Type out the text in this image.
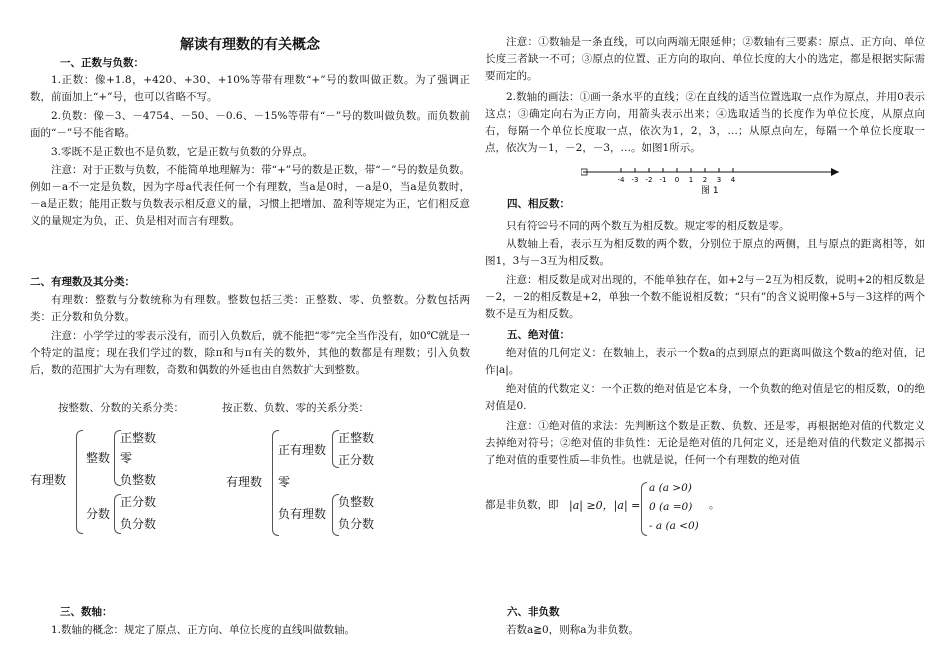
解读有理数的有关概念
一、正数与负数：

1.正数：像+1.8，+420、+30、+10%等带有理数“+”号的数叫做正数。为了强调正数，前面加上“+”号，也可以省略不写。

2.负数：像－3、－4754、－50、－0.6、－15%等带有“－”号的数叫做负数。而负数前面的“－”号不能省略。

3.零既不是正数也不是负数，它是正数与负数的分界点。

注意：对于正数与负数，不能简单地理解为：带“+”号的数是正数，带“－”号的数是负数。例如－a不一定是负数，因为字母a代表任何一个有理数，当a是0时，－a是0，当a是负数时，－a是正数；能用正数与负数表示相反意义的量，习惯上把增加、盈利等规定为正，它们相反意义的量规定为负，正、负是相对而言有理数。

二、有理数及其分类：

有理数：整数与分数统称为有理数。整数包括三类：正整数、零、负整数。分数包括两类：正分数和负分数。

注意：小学学过的零表示没有，而引入负数后，就不能把“零”完全当作没有，如0℃就是一个特定的温度；现在我们学过的数，除π和与π有关的数外，其他的数都是有理数；引入负数后，数的范围扩大为有理数，奇数和偶数的外延也由自然数扩大到整数。

按整数、分数的关系分类：	按正数、负数、零的关系分类：
有理数
整数
正整数
零
负整数
分数
正分数
负分数
有理数
正有理数
正整数
正分数
零
负有理数
负整数
负分数
三、数轴：

1.数轴的概念：规定了原点、正方向、单位长度的直线叫做数轴。

注意：①数轴是一条直线，可以向两端无限延伸；②数轴有三要素：原点、正方向、单位长度三者缺一不可；③原点的位置、正方向的取向、单位长度的大小的选定，都是根据实际需要而定的。

2.数轴的画法：①画一条水平的直线；②在直线的适当位置选取一点作为原点，并用0表示这点；③确定向右为正方向，用箭头表示出来；④选取适当的长度作为单位长度，从原点向右，每隔一个单位长度取一点，依次为1，2，3，…；从原点向左，每隔一个单位长度取一点，依次为－1，－2，－3，…。如图1所示。

-4 -3 -2 -1 0 1 2 3 4
图 1
四、相反数：

只有符≌号不同的两个数互为相反数。规定零的相反数是零。

从数轴上看，表示互为相反数的两个数，分别位于原点的两侧，且与原点的距离相等，如图1，3与－3互为相反数。

注意：相反数是成对出现的，不能单独存在，如+2与－2互为相反数，说明+2的相反数是－2，－2的相反数是+2，单独一个数不能说相反数；“只有”的含义说明像+5与－3这样的两个数不是互为相反数。

五、绝对值：

绝对值的几何定义：在数轴上，表示一个数a的点到原点的距离叫做这个数a的绝对值，记作|a|。

绝对值的代数定义：一个正数的绝对值是它本身，一个负数的绝对值是它的相反数，0的绝对值是0.

注意：①绝对值的求法：先判断这个数是正数、负数、还是零，再根据绝对值的代数定义去掉绝对符号；②绝对值的非负性：无论是绝对值的几何定义，还是绝对值的代数定义都揭示了绝对值的重要性质—非负性。也就是说，任何一个有理数的绝对值

都是非负数，即 |a| ≥0，|a| =
a (a >0)
0 (a =0)
- a (a <0)
。
六、非负数

若数a≧0，则称a为非负数。
